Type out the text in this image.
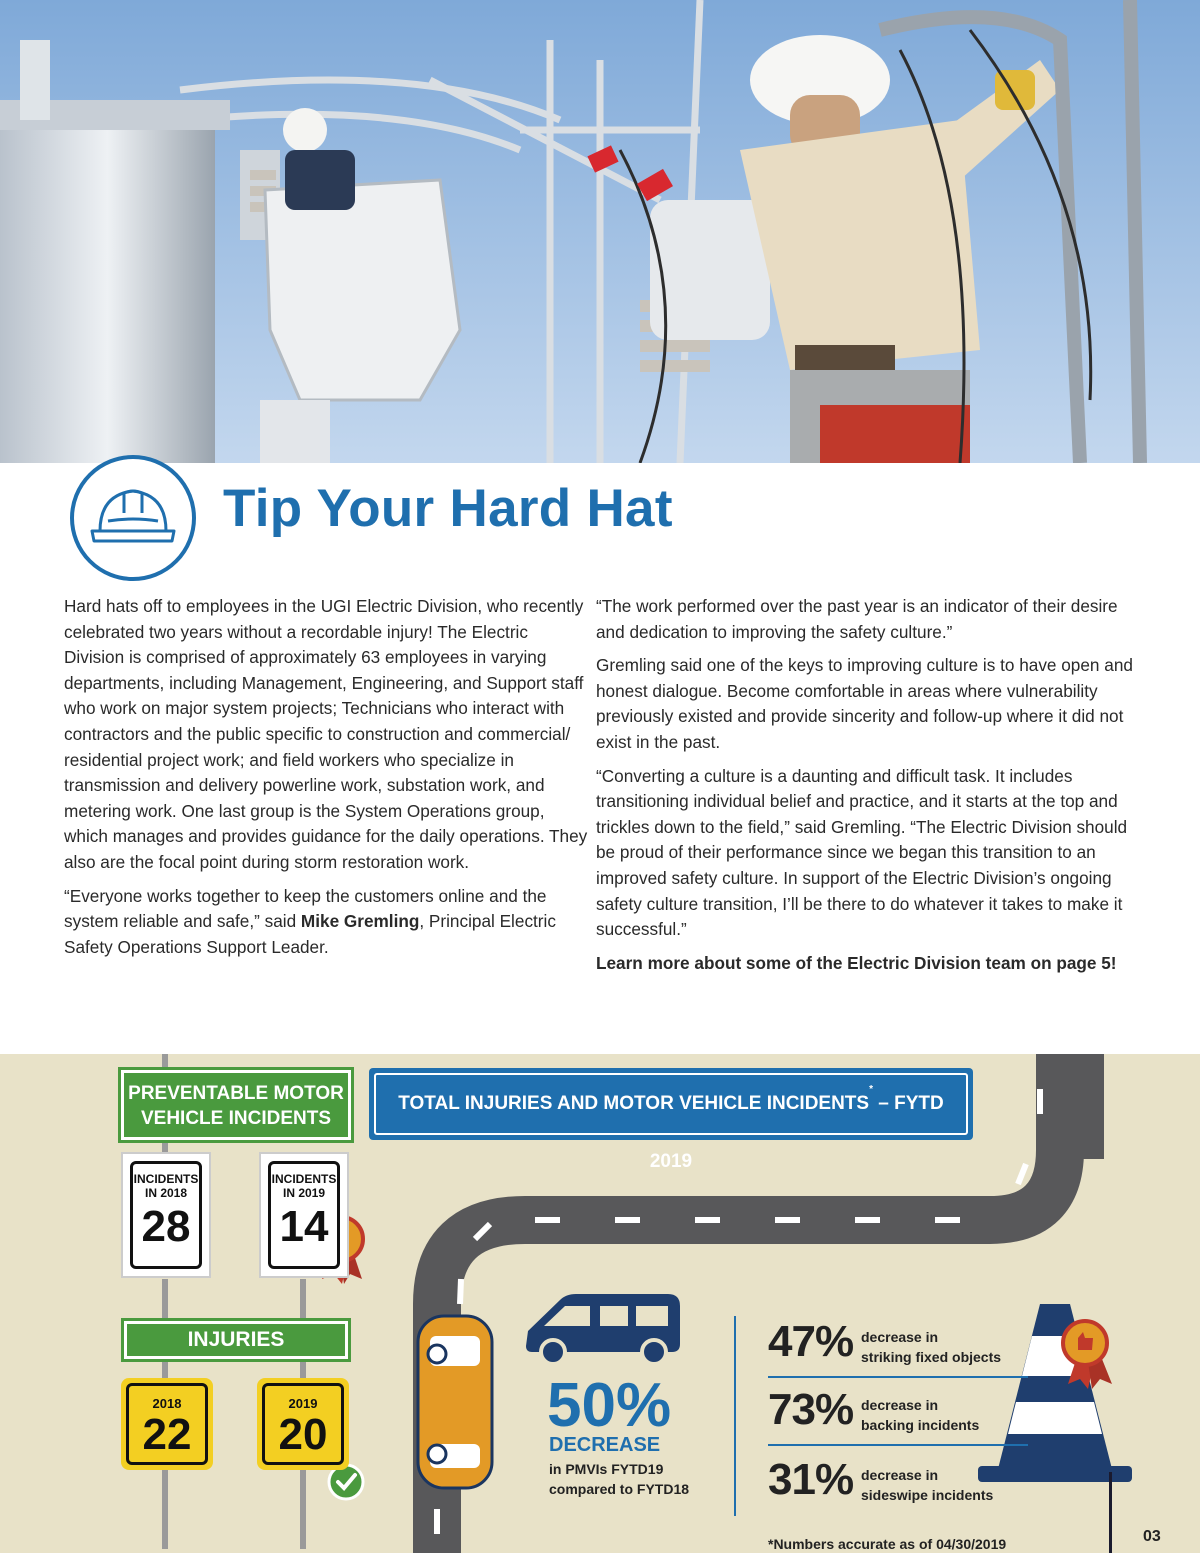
Tip Your Hard Hat

Hard hats off to employees in the UGI Electric Division, who recently celebrated two years without a recordable injury! The Electric Division is comprised of approximately 63 employees in varying departments, including Management, Engineering, and Support staff who work on major system projects; Technicians who interact with contractors and the public specific to construction and commercial/ residential project work; and field workers who specialize in transmission and delivery powerline work, substation work, and metering work. One last group is the System Operations group, which manages and provides guidance for the daily operations. They also are the focal point during storm restoration work.

“Everyone works together to keep the customers online and the system reliable and safe,” said Mike Gremling, Principal Electric Safety Operations Support Leader.

“The work performed over the past year is an indicator of their desire and dedication to improving the safety culture.”

Gremling said one of the keys to improving culture is to have open and honest dialogue. Become comfortable in areas where vulnerability previously existed and provide sincerity and follow-up where it did not exist in the past.

“Converting a culture is a daunting and difficult task. It includes transitioning individual belief and practice, and it starts at the top and trickles down to the field,” said Gremling. “The Electric Division should be proud of their performance since we began this transition to an improved safety culture. In support of the Electric Division’s ongoing safety culture transition, I’ll be there to do whatever it takes to make it successful.”

Learn more about some of the Electric Division team on page 5!

PREVENTABLE MOTOR
VEHICLE INCIDENTS
INCIDENTS
IN 2018
28
INCIDENTS
IN 2019
14
INJURIES
2018
22
2019
20
TOTAL INJURIES AND MOTOR VEHICLE INCIDENTS* – FYTD 2019
50%
DECREASE
in PMVIs FYTD19
compared to FYTD18
47% decrease in
striking fixed objects
73% decrease in
backing incidents
31% decrease in
sideswipe incidents
*Numbers accurate as of 04/30/2019	03
